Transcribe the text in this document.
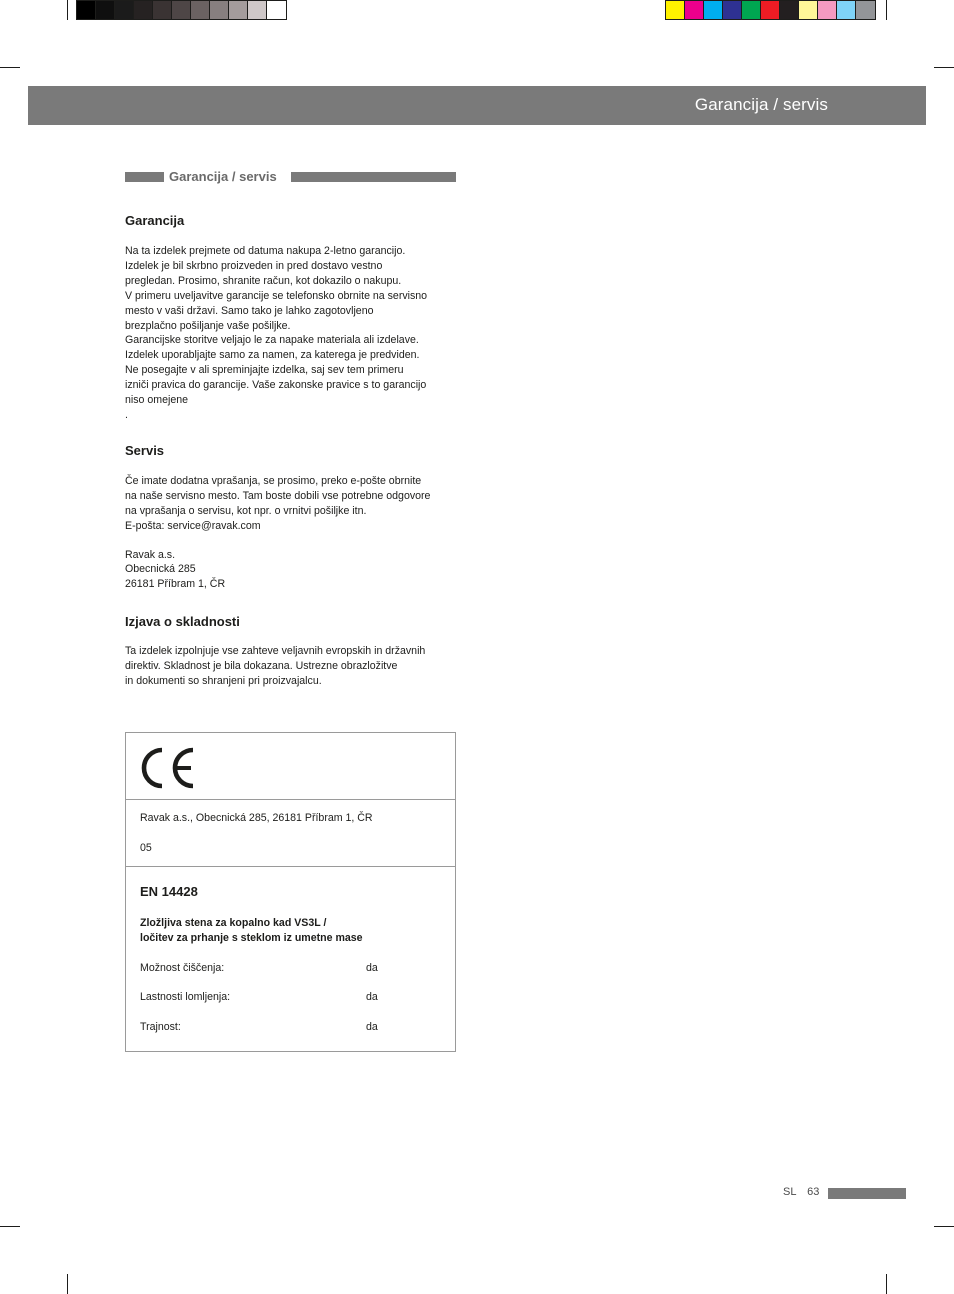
Garancija / servis
Garancija / servis
Garancija

Na ta izdelek prejmete od datuma nakupa 2-letno garancijo.
Izdelek je bil skrbno proizveden in pred dostavo vestno
pregledan. Prosimo, shranite račun, kot dokazilo o nakupu.
V primeru uveljavitve garancije se telefonsko obrnite na servisno
mesto v vaši državi. Samo tako je lahko zagotovljeno
brezplačno pošiljanje vaše pošiljke.
Garancijske storitve veljajo le za napake materiala ali izdelave.
Izdelek uporabljajte samo za namen, za katerega je predviden.
Ne posegajte v ali spreminjajte izdelka, saj sev tem primeru
izniči pravica do garancije. Vaše zakonske pravice s to garancijo
niso omejene
.

Servis

Če imate dodatna vprašanja, se prosimo, preko e-pošte obrnite
na naše servisno mesto. Tam boste dobili vse potrebne odgovore
na vprašanja o servisu, kot npr. o vrnitvi pošiljke itn.
E-pošta: service@ravak.com

Ravak a.s.
Obecnická 285
26181 Příbram 1, ČR

Izjava o skladnosti

Ta izdelek izpolnjuje vse zahteve veljavnih evropskih in državnih
direktiv. Skladnost je bila dokazana. Ustrezne obrazložitve
in dokumenti so shranjeni pri proizvajalcu.

CE
Ravak a.s., Obecnická 285, 26181 Příbram 1, ČR
05
EN 14428
Zložljiva stena za kopalno kad VS3L /
ločitev za prhanje s steklom iz umetne mase
Možnost čiščenja:	da
Lastnosti lomljenja:	da
Trajnost:	da
SL 63
